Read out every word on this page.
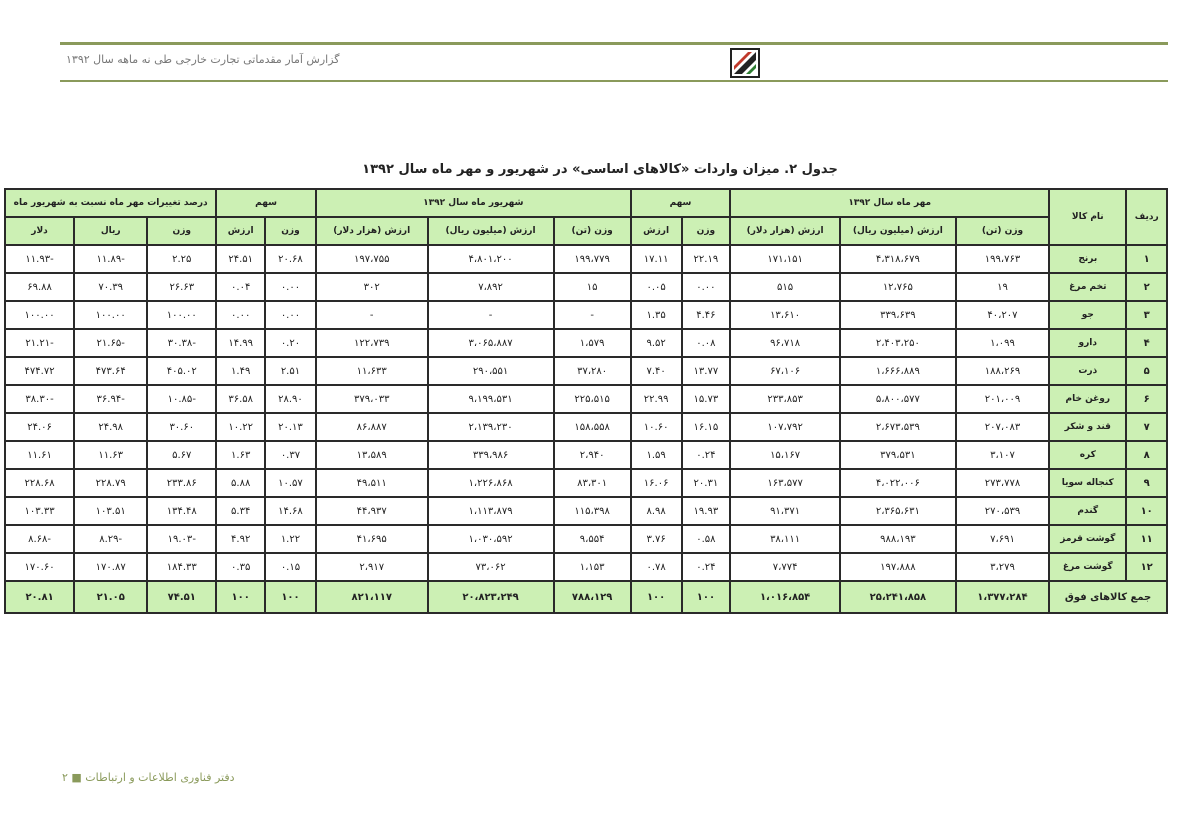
گزارش آمار مقدماتی تجارت خارجی طی نه ماهه سال ۱۳۹۲
جدول ۲. میزان واردات «کالاهای اساسی» در شهریور و مهر ماه سال ۱۳۹۲
ردیف	نام کالا	مهر ماه سال ۱۳۹۲			سهم		شهریور ماه سال ۱۳۹۲			سهم		درصد تغییرات مهر ماه نسبت به شهریور ماه		
		وزن (تن)	ارزش (میلیون ریال)	ارزش (هزار دلار)	وزن	ارزش	وزن (تن)	ارزش (میلیون ریال)	ارزش (هزار دلار)	وزن	ارزش	وزن	ریال	دلار
۱	برنج	۱۹۹،۷۶۳	۴،۳۱۸،۶۷۹	۱۷۱،۱۵۱	۲۲.۱۹	۱۷.۱۱	۱۹۹،۷۷۹	۴،۸۰۱،۲۰۰	۱۹۷،۷۵۵	۲۰.۶۸	۲۴.۵۱	۲.۲۵	-۱۱.۸۹	-۱۱.۹۳
۲	تخم مرغ	۱۹	۱۲،۷۶۵	۵۱۵	۰.۰۰	۰.۰۵	۱۵	۷،۸۹۲	۳۰۲	۰.۰۰	۰.۰۴	۲۶.۶۳	۷۰.۳۹	۶۹.۸۸
۳	جو	۴۰،۲۰۷	۳۳۹،۶۳۹	۱۳،۶۱۰	۴.۴۶	۱.۳۵	-	-	-	۰.۰۰	۰.۰۰	۱۰۰.۰۰	۱۰۰.۰۰	۱۰۰.۰۰
۴	دارو	۱،۰۹۹	۲،۴۰۳،۲۵۰	۹۶،۷۱۸	۰.۰۸	۹.۵۲	۱،۵۷۹	۳،۰۶۵،۸۸۷	۱۲۲،۷۳۹	۰.۲۰	۱۴.۹۹	-۳۰.۳۸	-۲۱.۶۵	-۲۱.۲۱
۵	ذرت	۱۸۸،۲۶۹	۱،۶۶۶،۸۸۹	۶۷،۱۰۶	۱۳.۷۷	۷.۴۰	۳۷،۲۸۰	۲۹۰،۵۵۱	۱۱،۶۳۳	۲.۵۱	۱.۴۹	۴۰۵.۰۲	۴۷۳.۶۴	۴۷۴.۷۲
۶	روغن خام	۲۰۱،۰۰۹	۵،۸۰۰،۵۷۷	۲۳۳،۸۵۳	۱۵.۷۳	۲۲.۹۹	۲۲۵،۵۱۵	۹،۱۹۹،۵۳۱	۳۷۹،۰۳۳	۲۸.۹۰	۳۶.۵۸	-۱۰.۸۵	-۳۶.۹۴	-۳۸.۳۰
۷	قند و شکر	۲۰۷،۰۸۳	۲،۶۷۳،۵۳۹	۱۰۷،۷۹۲	۱۶.۱۵	۱۰.۶۰	۱۵۸،۵۵۸	۲،۱۳۹،۲۳۰	۸۶،۸۸۷	۲۰.۱۳	۱۰.۲۲	۳۰.۶۰	۲۴.۹۸	۲۴.۰۶
۸	کره	۳،۱۰۷	۳۷۹،۵۳۱	۱۵،۱۶۷	۰.۲۴	۱.۵۹	۲،۹۴۰	۳۳۹،۹۸۶	۱۳،۵۸۹	۰.۳۷	۱.۶۳	۵.۶۷	۱۱.۶۳	۱۱.۶۱
۹	کنجاله سویا	۲۷۳،۷۷۸	۴،۰۲۲،۰۰۶	۱۶۳،۵۷۷	۲۰.۳۱	۱۶.۰۶	۸۳،۳۰۱	۱،۲۲۶،۸۶۸	۴۹،۵۱۱	۱۰.۵۷	۵.۸۸	۲۳۳.۸۶	۲۲۸.۷۹	۲۲۸.۶۸
۱۰	گندم	۲۷۰،۵۳۹	۲،۳۶۵،۶۳۱	۹۱،۳۷۱	۱۹.۹۳	۸.۹۸	۱۱۵،۳۹۸	۱،۱۱۳،۸۷۹	۴۴،۹۳۷	۱۴.۶۸	۵.۳۴	۱۳۴.۴۸	۱۰۳.۵۱	۱۰۳.۳۳
۱۱	گوشت قرمز	۷،۶۹۱	۹۸۸،۱۹۳	۳۸،۱۱۱	۰.۵۸	۳.۷۶	۹،۵۵۴	۱،۰۳۰،۵۹۲	۴۱،۶۹۵	۱.۲۲	۴.۹۲	-۱۹.۰۳	-۸.۲۹	-۸.۶۸
۱۲	گوشت مرغ	۳،۲۷۹	۱۹۷،۸۸۸	۷،۷۷۴	۰.۲۴	۰.۷۸	۱،۱۵۳	۷۳،۰۶۲	۲،۹۱۷	۰.۱۵	۰.۳۵	۱۸۴.۳۳	۱۷۰.۸۷	۱۷۰.۶۰
جمع کالاهای فوق		۱،۳۷۷،۲۸۴	۲۵،۲۴۱،۸۵۸	۱،۰۱۶،۸۵۴	۱۰۰	۱۰۰	۷۸۸،۱۲۹	۲۰،۸۲۳،۲۴۹	۸۲۱،۱۱۷	۱۰۰	۱۰۰	۷۴.۵۱	۲۱.۰۵	۲۰.۸۱
دفتر فناوری اطلاعات و ارتباطات ■ ۲
